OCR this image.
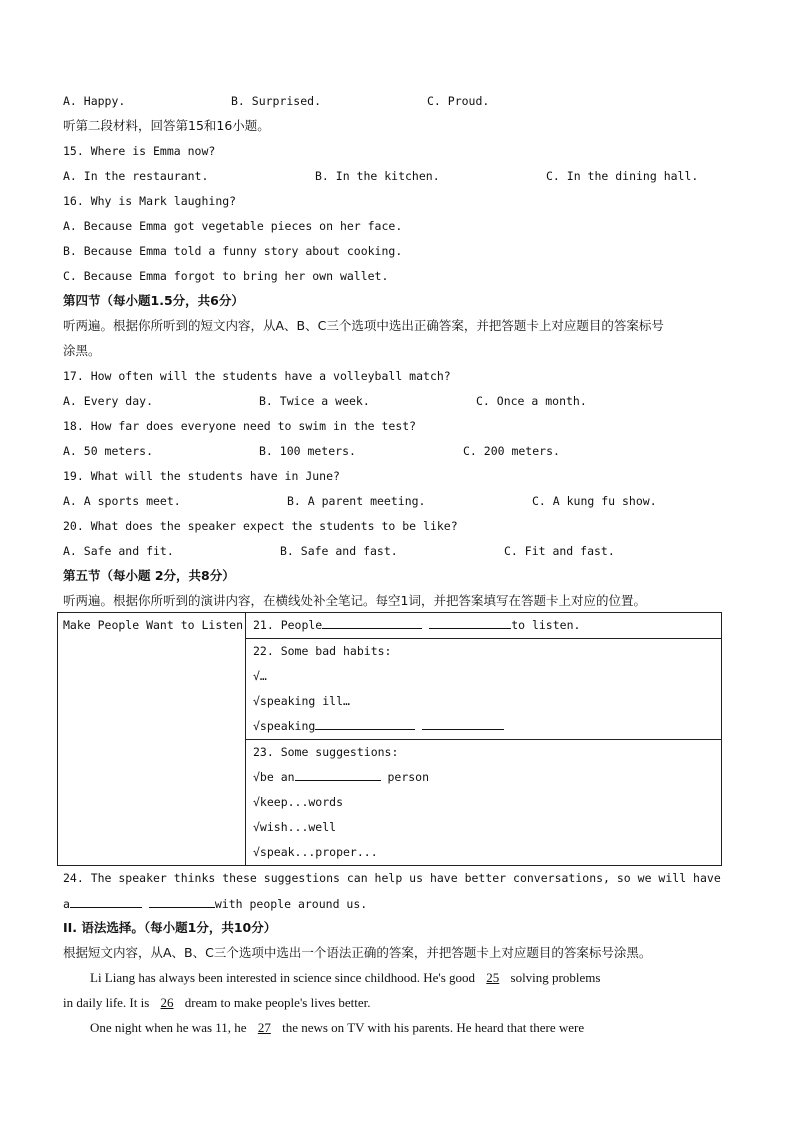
A. Happy.	B. Surprised.	C. Proud.
听第二段材料，回答第15和16小题。
15. Where is Emma now?
A. In the restaurant.	B. In the kitchen.	C. In the dining hall.
16. Why is Mark laughing?
A. Because Emma got vegetable pieces on her face.
B. Because Emma told a funny story about cooking.
C. Because Emma forgot to bring her own wallet.
第四节（每小题1.5分，共6分）
听两遍。根据你所听到的短文内容，从A、B、C三个选项中选出正确答案，并把答题卡上对应题目的答案标号
涂黑。
17. How often will the students have a volleyball match?
A. Every day.	B. Twice a week.	C. Once a month.
18. How far does everyone need to swim in the test?
A. 50 meters.	B. 100 meters.	C. 200 meters.
19. What will the students have in June?
A. A sports meet.	B. A parent meeting.	C. A kung fu show.
20. What does the speaker expect the students to be like?
A. Safe and fit.	B. Safe and fast.	C. Fit and fast.
第五节（每小题 2分，共8分）
听两遍。根据你所听到的演讲内容，在横线处补全笔记。每空1词，并把答案填写在答题卡上对应的位置。
Make People Want to Listen	21. People	to listen.

22. Some bad habits:
√…
√speaking ill…
√speaking

23. Some suggestions:
√be an	person
√keep...words
√wish...well
√speak...proper...
24. The speaker thinks these suggestions can help us have better conversations, so we will have
a	with people around us.
II. 语法选择。（每小题1分，共10分）
根据短文内容，从A、B、C三个选项中选出一个语法正确的答案，并把答题卡上对应题目的答案标号涂黑。
Li Liang has always been interested in science since childhood. He's good 25 solving problems
in daily life. It is 26 dream to make people's lives better.
One night when he was 11, he 27 the news on TV with his parents. He heard that there were
